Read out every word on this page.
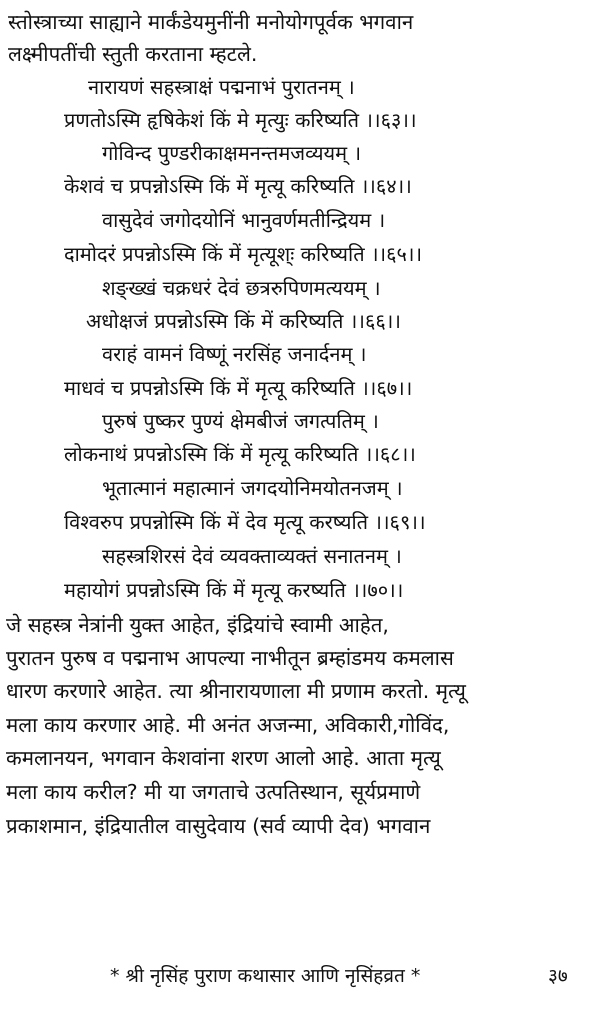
स्तोस्त्राच्या साह्याने मार्कंडेयमुनींनी मनोयोगपूर्वक भगवान
लक्ष्मीपतींची स्तुती करताना म्हटले.
नारायणं सहस्त्राक्षं पद्मनाभं पुरातनम् ।
प्रणतोऽस्मि हृषिकेशं किं मे मृत्युः करिष्यति ।।६३।।
गोविन्द पुण्डरीकाक्षमनन्तमजव्ययम् ।
केशवं च प्रपन्नोऽस्मि किं में मृत्यू करिष्यति ।।६४।।
वासुदेवं जगोदयोनिं भानुवर्णमतीन्द्रियम ।
दामोदरं प्रपन्नोऽस्मि किं में मृत्यूश्ः करिष्यति ।।६५।।
शङ्ख्खं चक्रधरं देवं छत्ररुपिणमत्ययम् ।
अधोक्षजं प्रपन्नोऽस्मि किं में करिष्यति ।।६६।।
वराहं वामनं विष्णूं नरसिंह जनार्दनम् ।
माधवं च प्रपन्नोऽस्मि किं में मृत्यू करिष्यति ।।६७।।
पुरुषं पुष्कर पुण्यं क्षेमबीजं जगत्पतिम् ।
लोकनाथं प्रपन्नोऽस्मि किं में मृत्यू करिष्यति ।।६८।।
भूतात्मानं महात्मानं जगदयोनिमयोतनजम् ।
विश्वरुप प्रपन्नोस्मि किं में देव मृत्यू करष्यति ।।६९।।
सहस्त्रशिरसं देवं व्यवक्ताव्यक्तं सनातनम् ।
महायोगं प्रपन्नोऽस्मि किं में मृत्यू करष्यति ।।७०।।
जे सहस्त्र नेत्रांनी युक्त आहेत, इंद्रियांचे स्वामी आहेत,
पुरातन पुरुष व पद्मनाभ आपल्या नाभीतून ब्रम्हांडमय कमलास
धारण करणारे आहेत. त्या श्रीनारायणाला मी प्रणाम करतो. मृत्यू
मला काय करणार आहे. मी अनंत अजन्मा, अविकारी,गोविंद,
कमलानयन, भगवान केशवांना शरण आलो आहे. आता मृत्यू
मला काय करील? मी या जगताचे उत्पतिस्थान, सूर्यप्रमाणे
प्रकाशमान, इंद्रियातील वासुदेवाय (सर्व व्यापी देव) भगवान
* श्री नृसिंह पुराण कथासार आणि नृसिंहव्रत *	३७
